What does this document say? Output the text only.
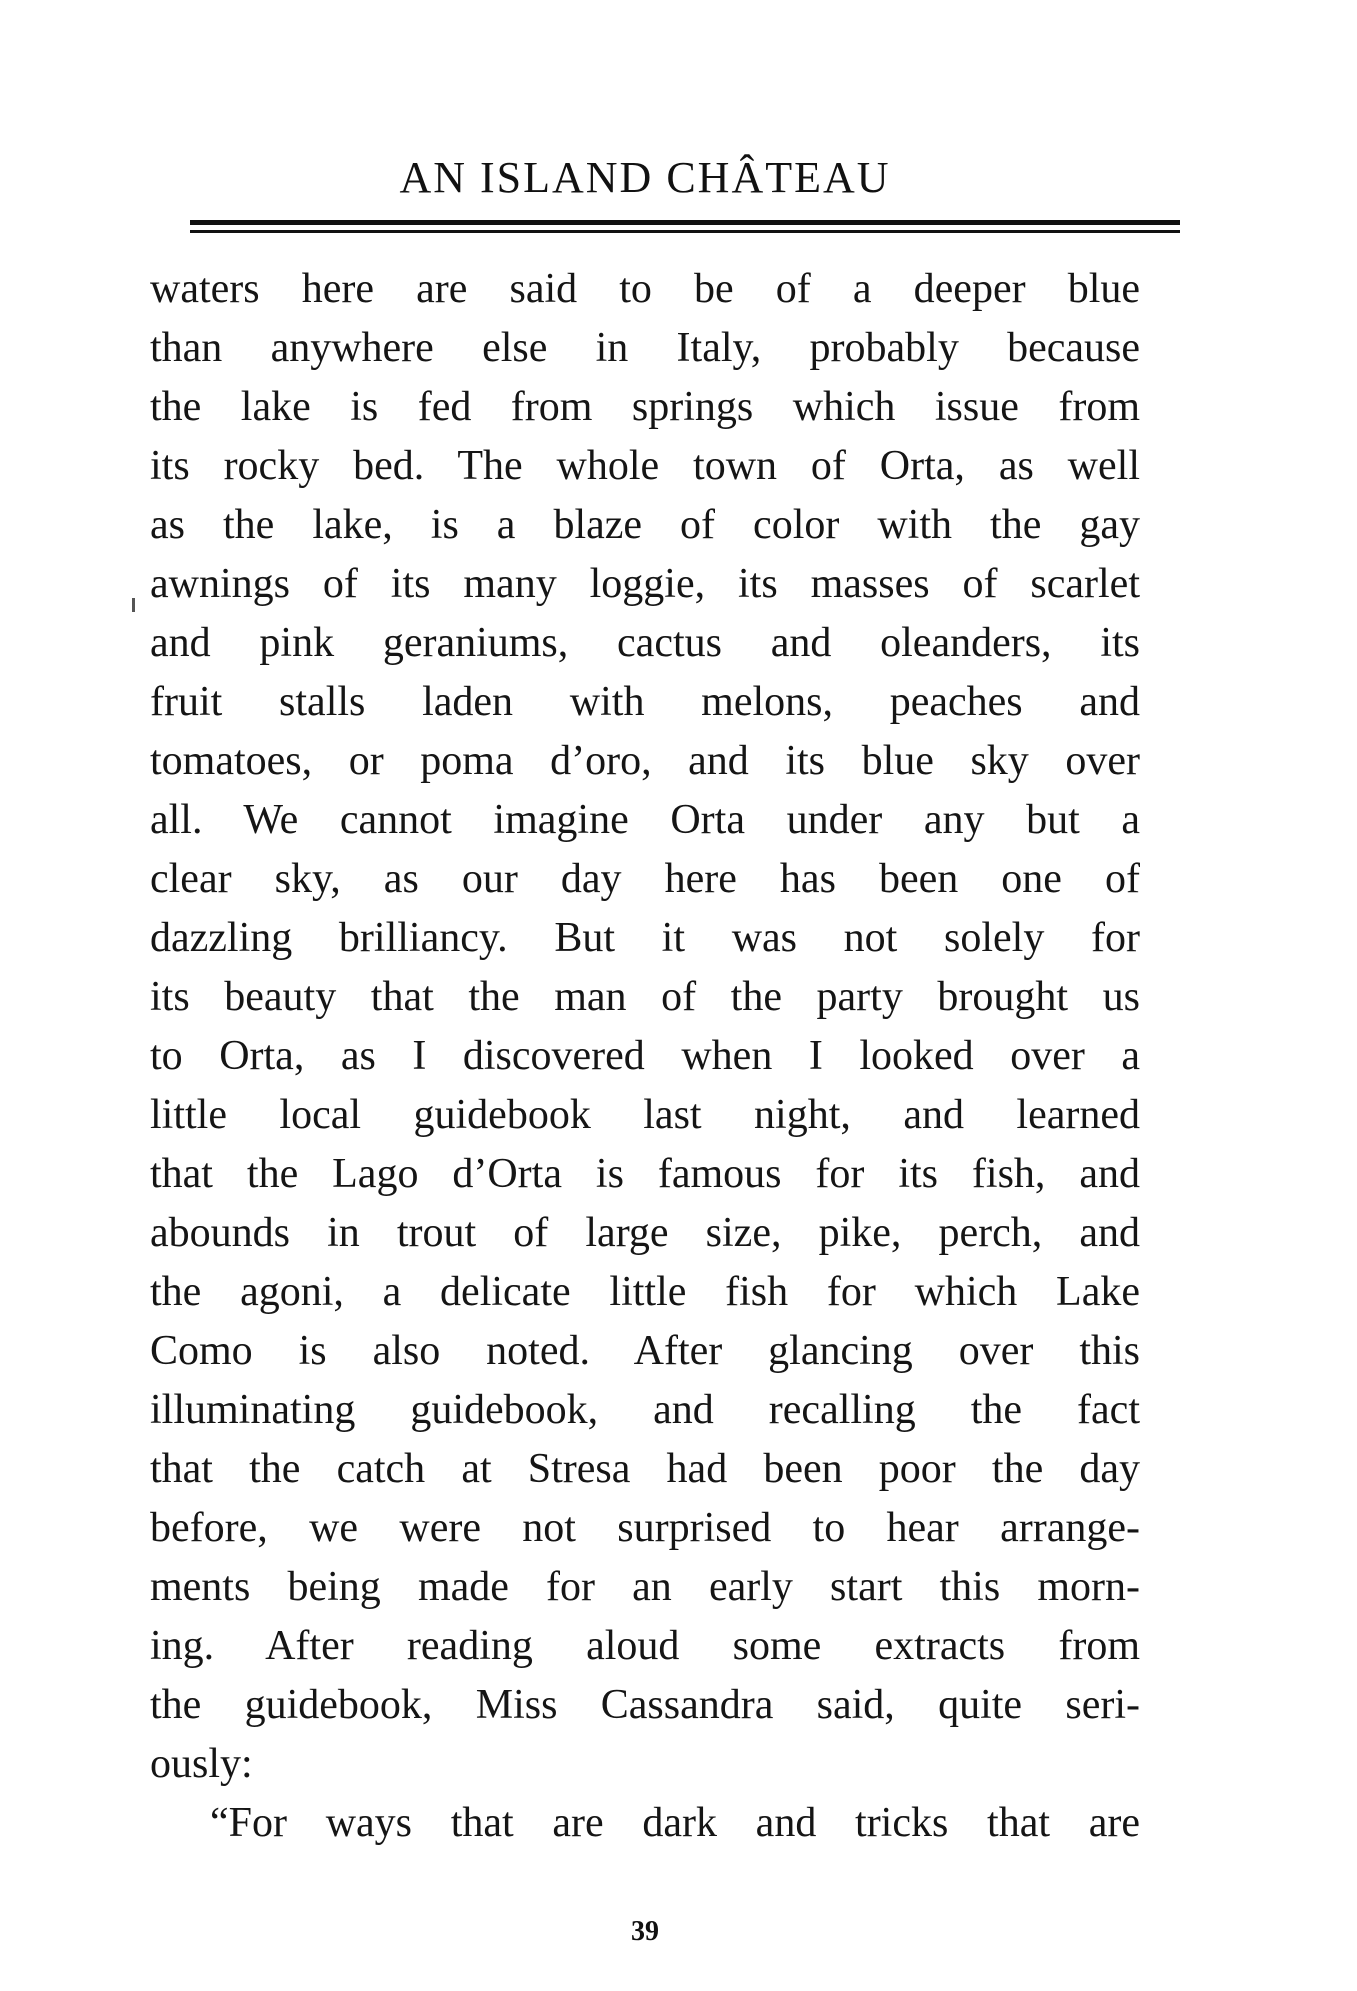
AN ISLAND CHÂTEAU
waters here are said to be of a deeper blue
than anywhere else in Italy, probably because
the lake is fed from springs which issue from
its rocky bed. The whole town of Orta, as well
as the lake, is a blaze of color with the gay
awnings of its many loggie, its masses of scarlet
and pink geraniums, cactus and oleanders, its
fruit stalls laden with melons, peaches and
tomatoes, or poma d’oro, and its blue sky over
all. We cannot imagine Orta under any but a
clear sky, as our day here has been one of
dazzling brilliancy. But it was not solely for
its beauty that the man of the party brought us
to Orta, as I discovered when I looked over a
little local guidebook last night, and learned
that the Lago d’Orta is famous for its fish, and
abounds in trout of large size, pike, perch, and
the agoni, a delicate little fish for which Lake
Como is also noted. After glancing over this
illuminating guidebook, and recalling the fact
that the catch at Stresa had been poor the day
before, we were not surprised to hear arrange-
ments being made for an early start this morn-
ing. After reading aloud some extracts from
the guidebook, Miss Cassandra said, quite seri-
ously:
“For ways that are dark and tricks that are
39
